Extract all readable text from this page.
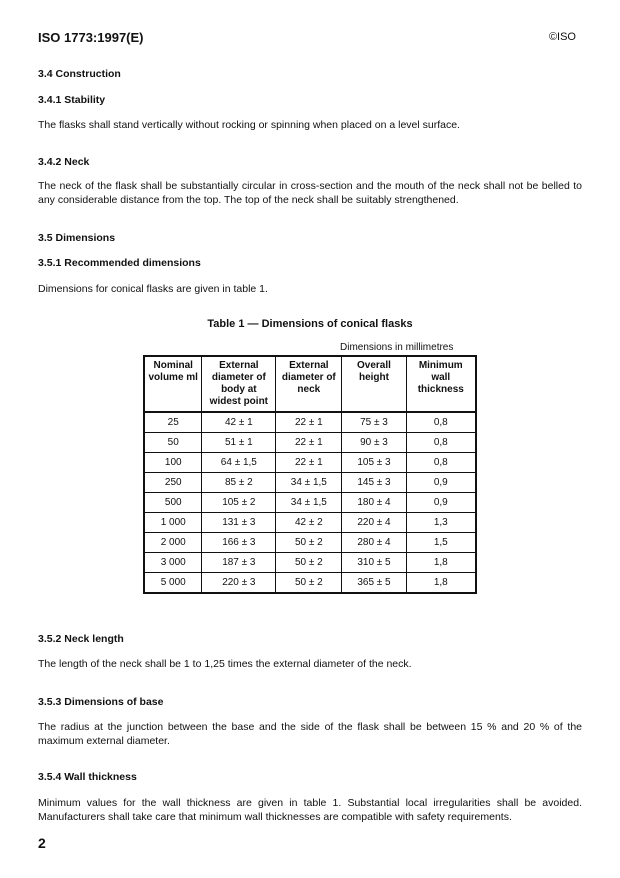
ISO 1773:1997(E)	©ISO
3.4 Construction
3.4.1 Stability
The flasks shall stand vertically without rocking or spinning when placed on a level surface.
3.4.2 Neck
The neck of the flask shall be substantially circular in cross-section and the mouth of the neck shall not be belled to any considerable distance from the top. The top of the neck shall be suitably strengthened.
3.5 Dimensions
3.5.1 Recommended dimensions
Dimensions for conical flasks are given in table 1.
Table 1 — Dimensions of conical flasks
Dimensions in millimetres
Nominal volume ml	External diameter of body at widest point	External diameter of neck	Overall height	Minimum wall thickness
25	42 ± 1	22 ± 1	75 ± 3	0,8
50	51 ± 1	22 ± 1	90 ± 3	0,8
100	64 ± 1,5	22 ± 1	105 ± 3	0,8
250	85 ± 2	34 ± 1,5	145 ± 3	0,9
500	105 ± 2	34 ± 1,5	180 ± 4	0,9
1 000	131 ± 3	42 ± 2	220 ± 4	1,3
2 000	166 ± 3	50 ± 2	280 ± 4	1,5
3 000	187 ± 3	50 ± 2	310 ± 5	1,8
5 000	220 ± 3	50 ± 2	365 ± 5	1,8
3.5.2 Neck length
The length of the neck shall be 1 to 1,25 times the external diameter of the neck.
3.5.3 Dimensions of base
The radius at the junction between the base and the side of the flask shall be between 15 % and 20 % of the maximum external diameter.
3.5.4 Wall thickness
Minimum values for the wall thickness are given in table 1. Substantial local irregularities shall be avoided. Manufacturers shall take care that minimum wall thicknesses are compatible with safety requirements.
2
